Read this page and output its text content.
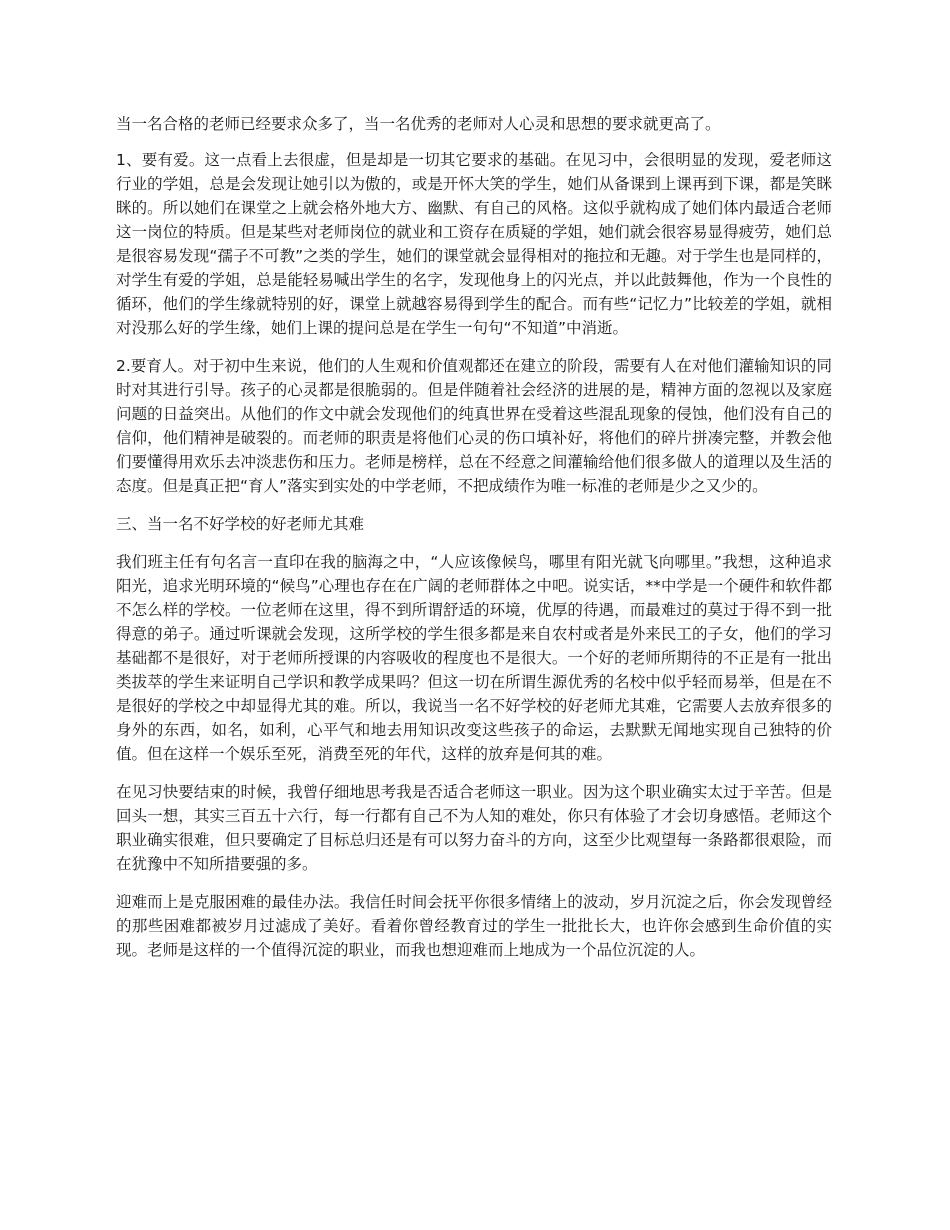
当一名合格的老师已经要求众多了，当一名优秀的老师对人心灵和思想的要求就更高了。

1、要有爱。这一点看上去很虚，但是却是一切其它要求的基础。在见习中，会很明显的发现，爱老师这行业的学姐，总是会发现让她引以为傲的，或是开怀大笑的学生，她们从备课到上课再到下课，都是笑眯眯的。所以她们在课堂之上就会格外地大方、幽默、有自己的风格。这似乎就构成了她们体内最适合老师这一岗位的特质。但是某些对老师岗位的就业和工资存在质疑的学姐，她们就会很容易显得疲劳，她们总是很容易发现“孺子不可教”之类的学生，她们的课堂就会显得相对的拖拉和无趣。对于学生也是同样的，对学生有爱的学姐，总是能轻易喊出学生的名字，发现他身上的闪光点，并以此鼓舞他，作为一个良性的循环，他们的学生缘就特别的好，课堂上就越容易得到学生的配合。而有些“记忆力”比较差的学姐，就相对没那么好的学生缘，她们上课的提问总是在学生一句句“不知道”中消逝。

2.要育人。对于初中生来说，他们的人生观和价值观都还在建立的阶段，需要有人在对他们灌输知识的同时对其进行引导。孩子的心灵都是很脆弱的。但是伴随着社会经济的进展的是，精神方面的忽视以及家庭问题的日益突出。从他们的作文中就会发现他们的纯真世界在受着这些混乱现象的侵蚀，他们没有自己的信仰，他们精神是破裂的。而老师的职责是将他们心灵的伤口填补好，将他们的碎片拼凑完整，并教会他们要懂得用欢乐去冲淡悲伤和压力。老师是榜样，总在不经意之间灌输给他们很多做人的道理以及生活的态度。但是真正把“育人”落实到实处的中学老师，不把成绩作为唯一标准的老师是少之又少的。

三、当一名不好学校的好老师尤其难

我们班主任有句名言一直印在我的脑海之中，“人应该像候鸟，哪里有阳光就飞向哪里。”我想，这种追求阳光，追求光明环境的“候鸟”心理也存在在广阔的老师群体之中吧。说实话，**中学是一个硬件和软件都不怎么样的学校。一位老师在这里，得不到所谓舒适的环境，优厚的待遇，而最难过的莫过于得不到一批得意的弟子。通过听课就会发现，这所学校的学生很多都是来自农村或者是外来民工的子女，他们的学习基础都不是很好，对于老师所授课的内容吸收的程度也不是很大。一个好的老师所期待的不正是有一批出类拔萃的学生来证明自己学识和教学成果吗？但这一切在所谓生源优秀的名校中似乎轻而易举，但是在不是很好的学校之中却显得尤其的难。所以，我说当一名不好学校的好老师尤其难，它需要人去放弃很多的身外的东西，如名，如利，心平气和地去用知识改变这些孩子的命运，去默默无闻地实现自己独特的价值。但在这样一个娱乐至死，消费至死的年代，这样的放弃是何其的难。

在见习快要结束的时候，我曾仔细地思考我是否适合老师这一职业。因为这个职业确实太过于辛苦。但是回头一想，其实三百五十六行，每一行都有自己不为人知的难处，你只有体验了才会切身感悟。老师这个职业确实很难，但只要确定了目标总归还是有可以努力奋斗的方向，这至少比观望每一条路都很艰险，而在犹豫中不知所措要强的多。

迎难而上是克服困难的最佳办法。我信任时间会抚平你很多情绪上的波动，岁月沉淀之后，你会发现曾经的那些困难都被岁月过滤成了美好。看着你曾经教育过的学生一批批长大，也许你会感到生命价值的实现。老师是这样的一个值得沉淀的职业，而我也想迎难而上地成为一个品位沉淀的人。
